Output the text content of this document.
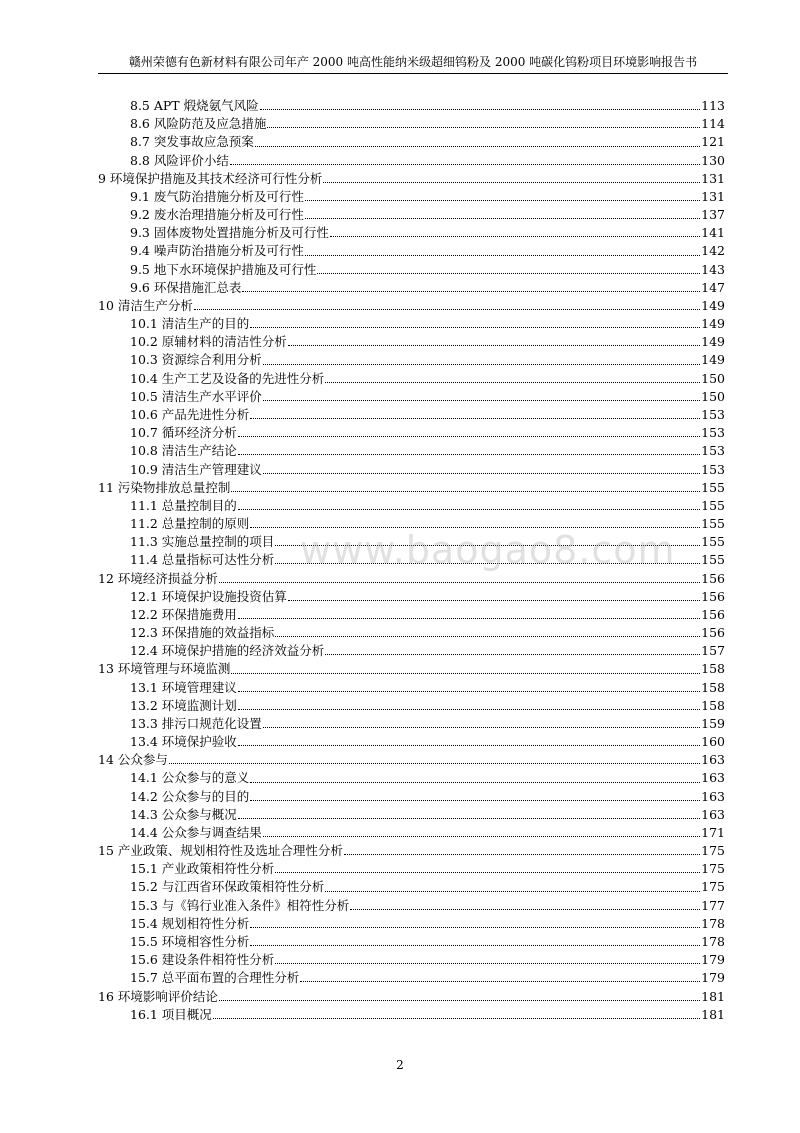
赣州荣德有色新材料有限公司年产 2000 吨高性能纳米级超细钨粉及 2000 吨碳化钨粉项目环境影响报告书
8.5 APT 煅烧氨气风险	113
8.6 风险防范及应急措施	114
8.7 突发事故应急预案	121
8.8 风险评价小结	130
9 环境保护措施及其技术经济可行性分析	131
9.1 废气防治措施分析及可行性	131
9.2 废水治理措施分析及可行性	137
9.3 固体废物处置措施分析及可行性	141
9.4 噪声防治措施分析及可行性	142
9.5 地下水环境保护措施及可行性	143
9.6 环保措施汇总表	147
10 清洁生产分析	149
10.1 清洁生产的目的	149
10.2 原辅材料的清洁性分析	149
10.3 资源综合利用分析	149
10.4 生产工艺及设备的先进性分析	150
10.5 清洁生产水平评价	150
10.6 产品先进性分析	153
10.7 循环经济分析	153
10.8 清洁生产结论	153
10.9 清洁生产管理建议	153
11 污染物排放总量控制	155
11.1 总量控制目的	155
11.2 总量控制的原则	155
11.3 实施总量控制的项目	155
11.4 总量指标可达性分析	155
12 环境经济损益分析	156
12.1 环境保护设施投资估算	156
12.2 环保措施费用	156
12.3 环保措施的效益指标	156
12.4 环境保护措施的经济效益分析	157
13 环境管理与环境监测	158
13.1 环境管理建议	158
13.2 环境监测计划	158
13.3 排污口规范化设置	159
13.4 环境保护验收	160
14 公众参与	163
14.1 公众参与的意义	163
14.2 公众参与的目的	163
14.3 公众参与概况	163
14.4 公众参与调查结果	171
15 产业政策、规划相符性及选址合理性分析	175
15.1 产业政策相符性分析	175
15.2 与江西省环保政策相符性分析	175
15.3 与《钨行业准入条件》相符性分析	177
15.4 规划相符性分析	178
15.5 环境相容性分析	178
15.6 建设条件相符性分析	179
15.7 总平面布置的合理性分析	179
16 环境影响评价结论	181
16.1 项目概况	181
www.baogao8.com
2
